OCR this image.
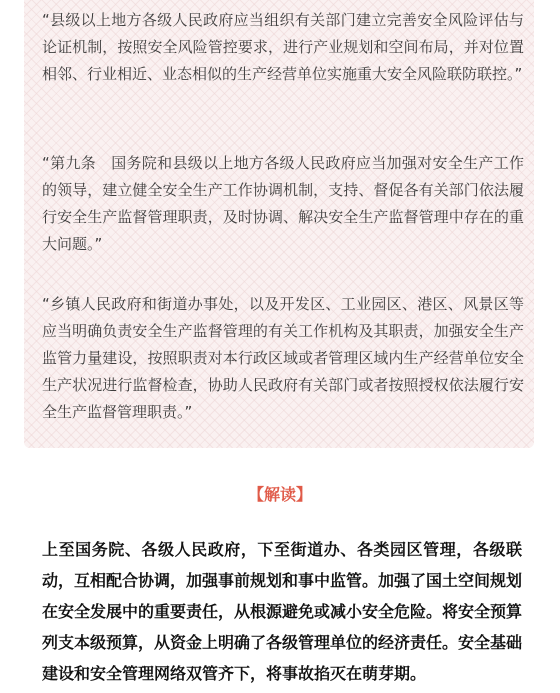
“县级以上地方各级人民政府应当组织有关部门建立完善安全风险评估与论证机制，按照安全风险管控要求，进行产业规划和空间布局，并对位置相邻、行业相近、业态相似的生产经营单位实施重大安全风险联防联控。”

“第九条　国务院和县级以上地方各级人民政府应当加强对安全生产工作的领导，建立健全安全生产工作协调机制，支持、督促各有关部门依法履行安全生产监督管理职责，及时协调、解决安全生产监督管理中存在的重大问题。”

“乡镇人民政府和街道办事处，以及开发区、工业园区、港区、风景区等应当明确负责安全生产监督管理的有关工作机构及其职责，加强安全生产监管力量建设，按照职责对本行政区域或者管理区域内生产经营单位安全生产状况进行监督检查，协助人民政府有关部门或者按照授权依法履行安全生产监督管理职责。”

【解读】

上至国务院、各级人民政府，下至街道办、各类园区管理，各级联动，互相配合协调，加强事前规划和事中监管。加强了国土空间规划在安全发展中的重要责任，从根源避免或减小安全危险。将安全预算列支本级预算，从资金上明确了各级管理单位的经济责任。安全基础建设和安全管理网络双管齐下，将事故掐灭在萌芽期。
